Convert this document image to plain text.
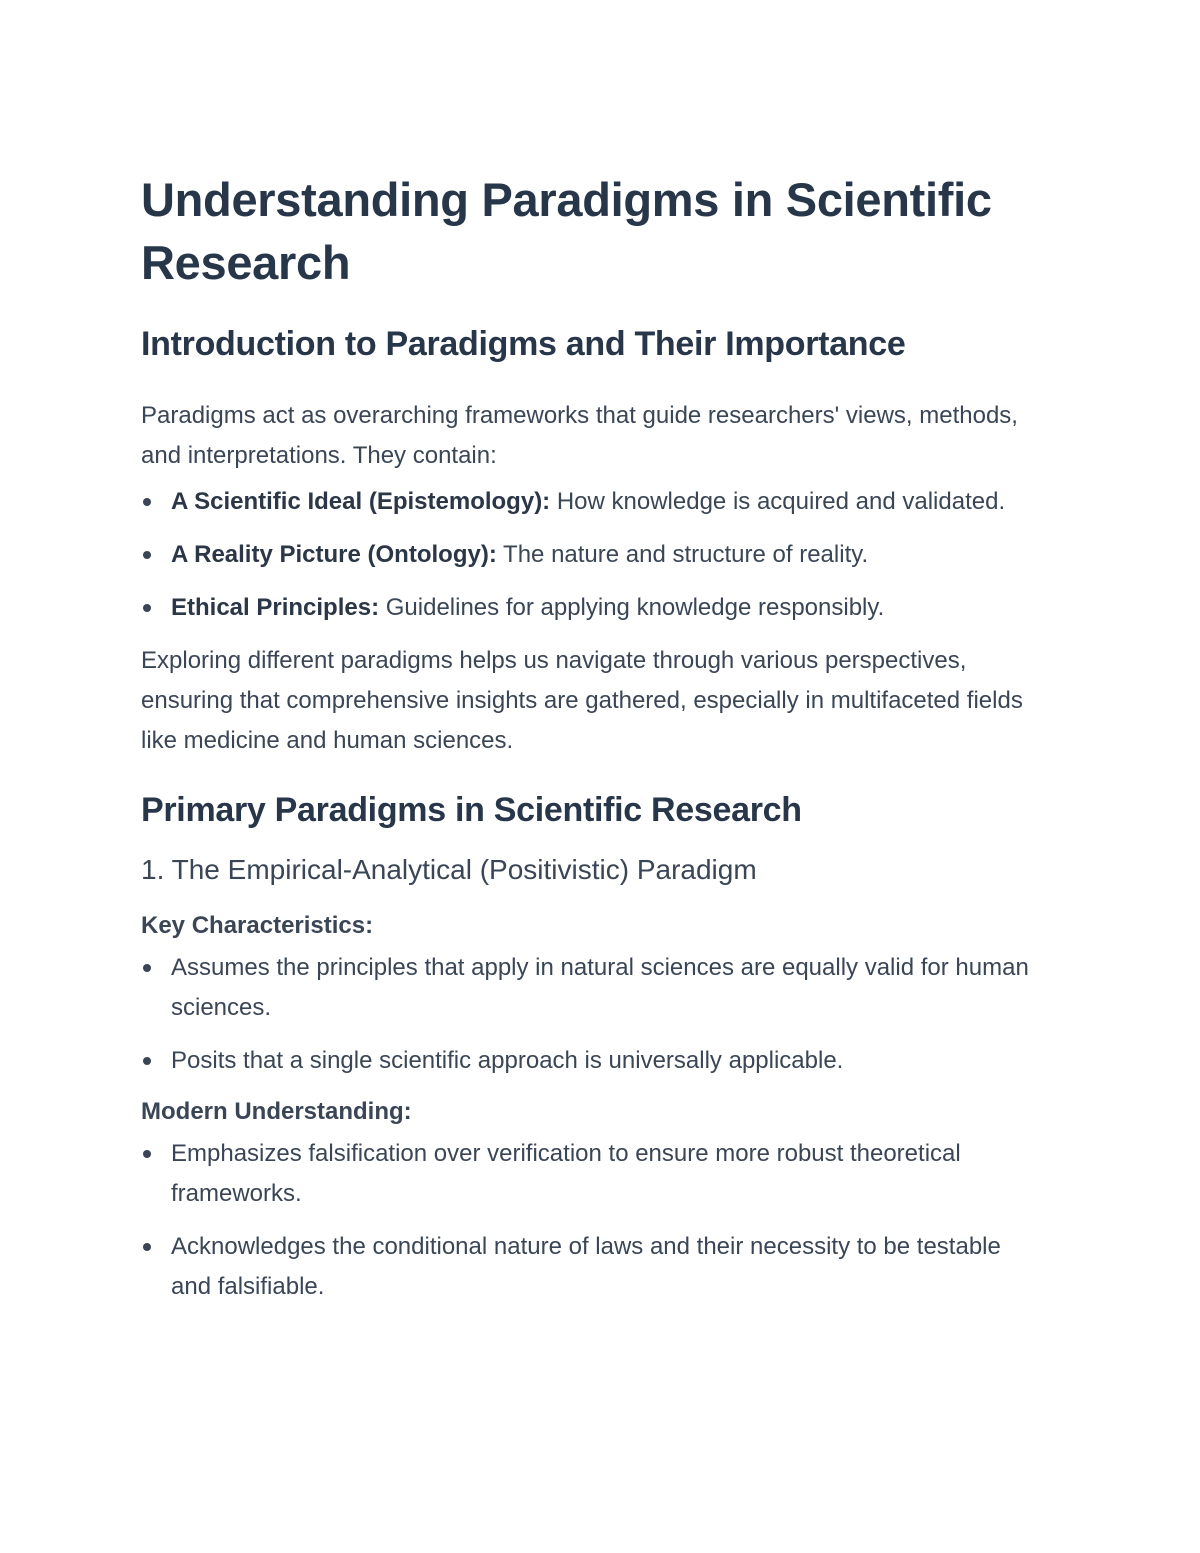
Understanding Paradigms in Scientific Research
Introduction to Paradigms and Their Importance

Paradigms act as overarching frameworks that guide researchers' views, methods, and interpretations. They contain:

A Scientific Ideal (Epistemology): How knowledge is acquired and validated.
A Reality Picture (Ontology): The nature and structure of reality.
Ethical Principles: Guidelines for applying knowledge responsibly.

Exploring different paradigms helps us navigate through various perspectives, ensuring that comprehensive insights are gathered, especially in multifaceted fields like medicine and human sciences.

Primary Paradigms in Scientific Research
1. The Empirical-Analytical (Positivistic) Paradigm

Key Characteristics:

Assumes the principles that apply in natural sciences are equally valid for human sciences.
Posits that a single scientific approach is universally applicable.

Modern Understanding:

Emphasizes falsification over verification to ensure more robust theoretical frameworks.
Acknowledges the conditional nature of laws and their necessity to be testable and falsifiable.
